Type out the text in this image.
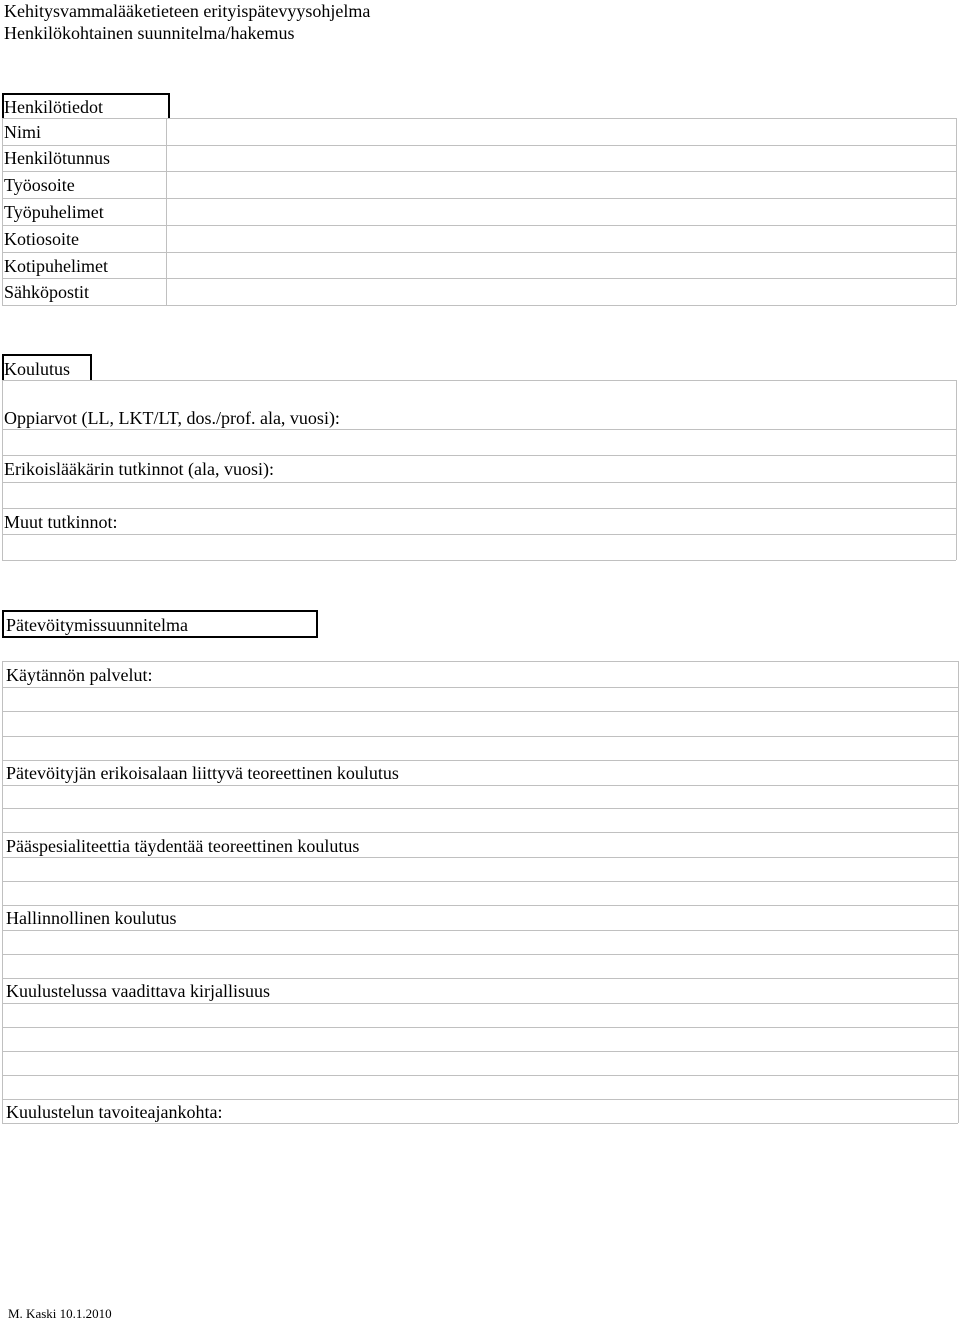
Kehitysvammalääketieteen erityispätevyysohjelma
Henkilökohtainen suunnitelma/hakemus
Henkilötiedot
Nimi
Henkilötunnus
Työosoite
Työpuhelimet
Kotiosoite
Kotipuhelimet
Sähköpostit
Koulutus
Oppiarvot (LL, LKT/LT, dos./prof. ala, vuosi):
Erikoislääkärin tutkinnot (ala, vuosi):
Muut tutkinnot:
Pätevöitymissuunnitelma
Käytännön palvelut:
Pätevöityjän erikoisalaan liittyvä teoreettinen koulutus
Pääspesialiteettia täydentää teoreettinen koulutus
Hallinnollinen koulutus
Kuulustelussa vaadittava kirjallisuus
Kuulustelun tavoiteajankohta:
M. Kaski 10.1.2010
